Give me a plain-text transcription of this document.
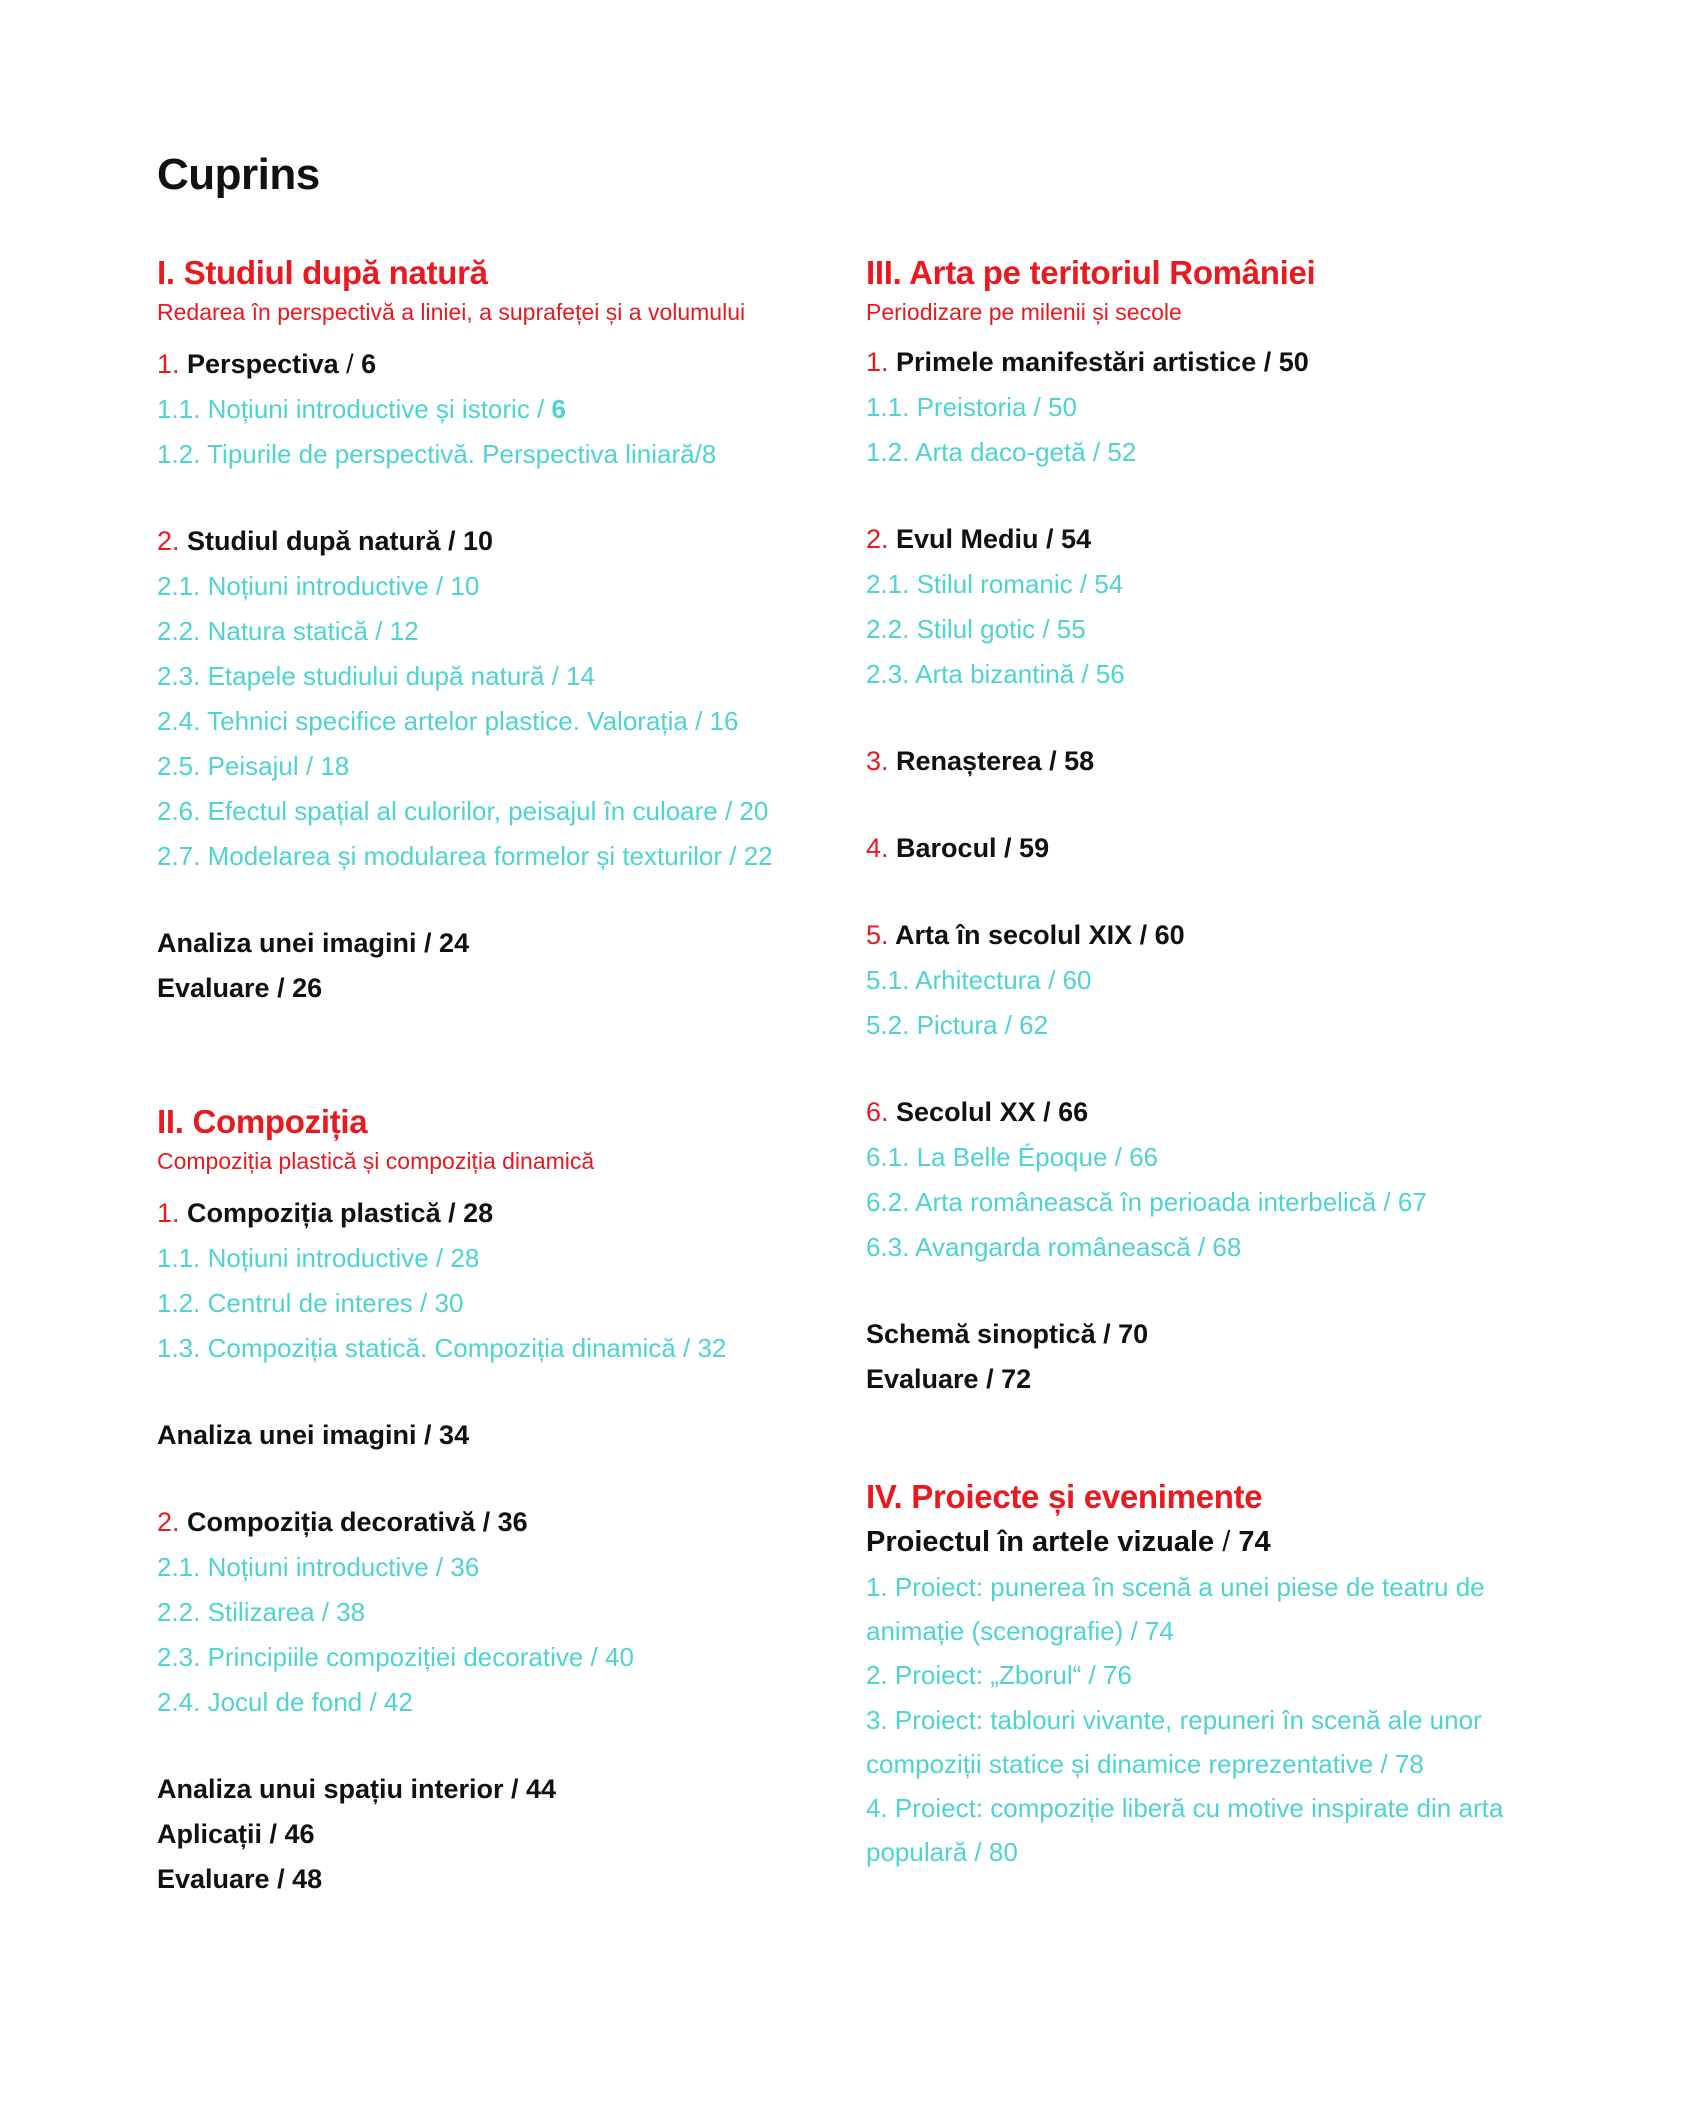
Cuprins
I. Studiul după natură
Redarea în perspectivă a liniei, a suprafeței și a volumului
1. Perspectiva / 6
1.1. Noțiuni introductive și istoric / 6
1.2. Tipurile de perspectivă. Perspectiva liniară/8
2. Studiul după natură / 10
2.1. Noțiuni introductive / 10
2.2. Natura statică / 12
2.3. Etapele studiului după natură / 14
2.4. Tehnici specifice artelor plastice. Valorația / 16
2.5. Peisajul / 18
2.6. Efectul spațial al culorilor, peisajul în culoare / 20
2.7. Modelarea și modularea formelor și texturilor / 22
Analiza unei imagini / 24
Evaluare / 26
II. Compoziția
Compoziția plastică și compoziția dinamică
1. Compoziția plastică / 28
1.1. Noțiuni introductive / 28
1.2. Centrul de interes / 30
1.3. Compoziția statică. Compoziția dinamică / 32
Analiza unei imagini / 34
2. Compoziția decorativă / 36
2.1. Noțiuni introductive / 36
2.2. Stilizarea / 38
2.3. Principiile compoziției decorative / 40
2.4. Jocul de fond / 42
Analiza unui spațiu interior / 44
Aplicații / 46
Evaluare / 48
III. Arta pe teritoriul României
Periodizare pe milenii și secole
1. Primele manifestări artistice / 50
1.1. Preistoria / 50
1.2. Arta daco-getă / 52
2. Evul Mediu / 54
2.1. Stilul romanic / 54
2.2. Stilul gotic / 55
2.3. Arta bizantină / 56
3. Renașterea / 58
4. Barocul / 59
5. Arta în secolul XIX / 60
5.1. Arhitectura / 60
5.2. Pictura / 62
6. Secolul XX / 66
6.1. La Belle Époque / 66
6.2. Arta românească în perioada interbelică / 67
6.3. Avangarda românească / 68
Schemă sinoptică / 70
Evaluare / 72
IV. Proiecte și evenimente
Proiectul în artele vizuale / 74
1. Proiect: punerea în scenă a unei piese de teatru de animație (scenografie) / 74
2. Proiect: „Zborul“ / 76
3. Proiect: tablouri vivante, repuneri în scenă ale unor compoziții statice și dinamice reprezentative / 78
4. Proiect: compoziție liberă cu motive inspirate din arta populară / 80
